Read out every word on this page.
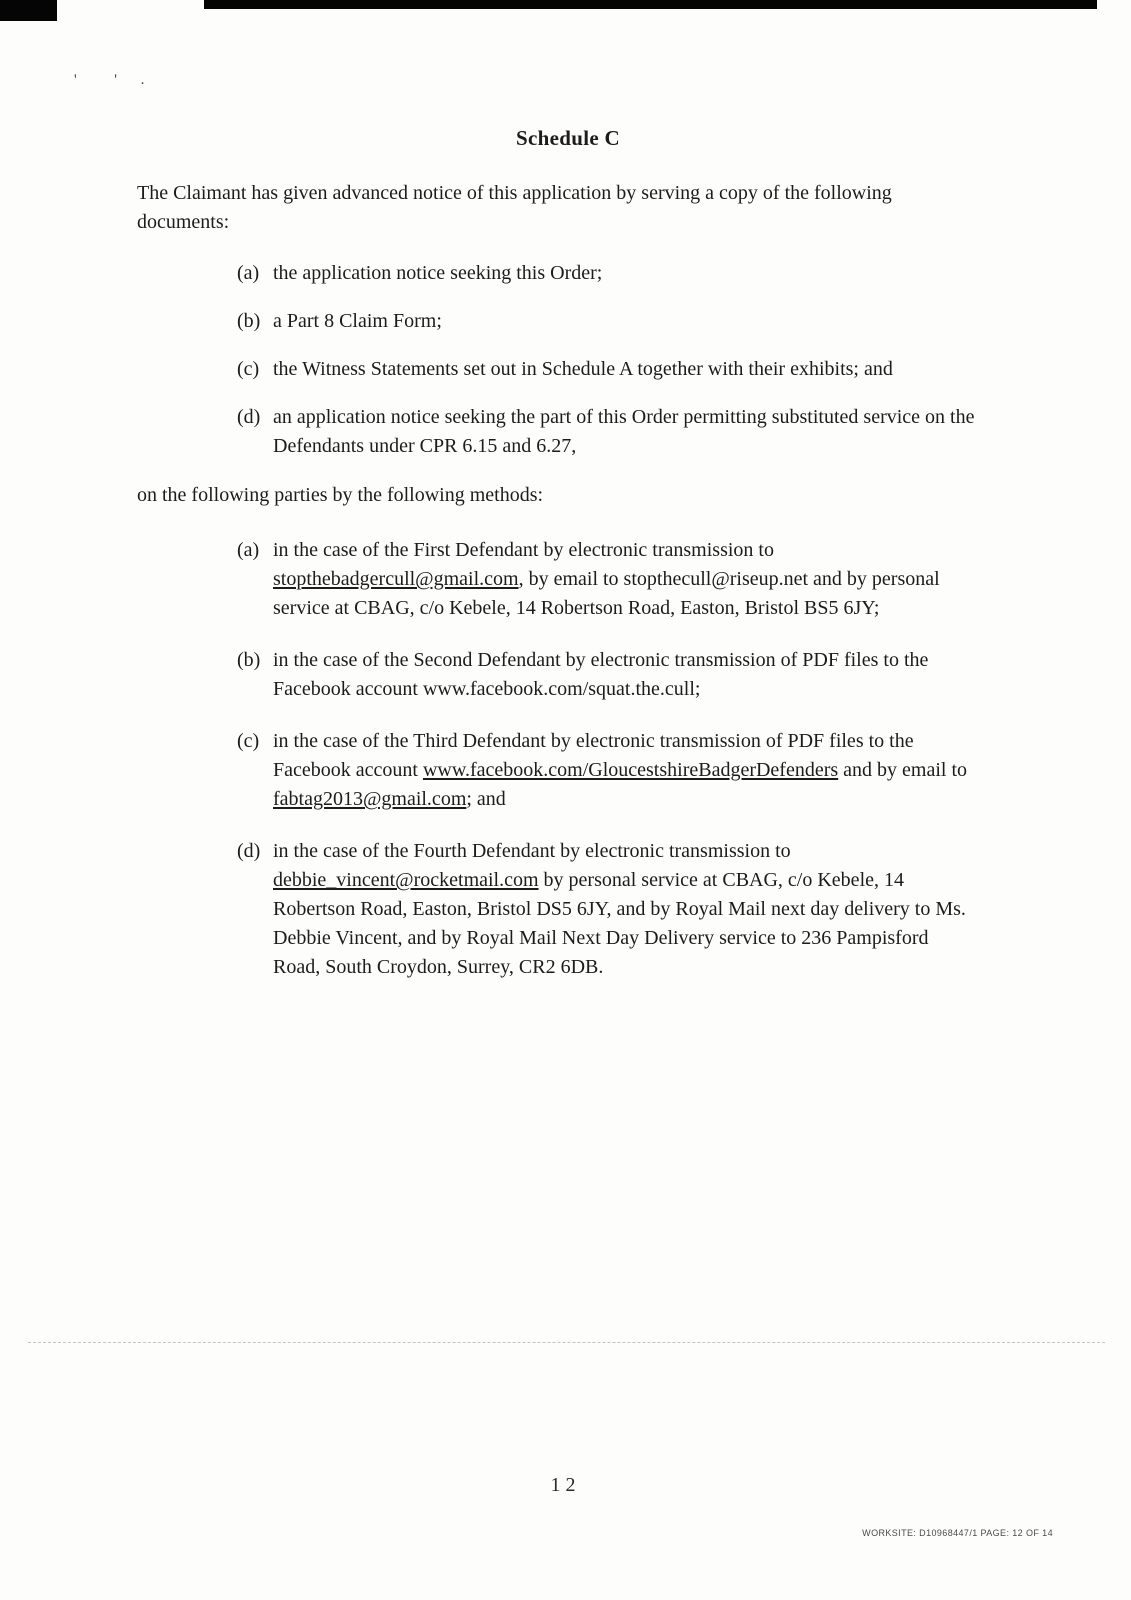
'  ' .
Schedule C

The Claimant has given advanced notice of this application by serving a copy of the following documents:

(a) the application notice seeking this Order;
(b) a Part 8 Claim Form;
(c) the Witness Statements set out in Schedule A together with their exhibits; and
(d) an application notice seeking the part of this Order permitting substituted service on the Defendants under CPR 6.15 and 6.27,

on the following parties by the following methods:

(a) in the case of the First Defendant by electronic transmission to stopthebadgercull@gmail.com, by email to stopthecull@riseup.net and by personal service at CBAG, c/o Kebele, 14 Robertson Road, Easton, Bristol BS5 6JY;
(b) in the case of the Second Defendant by electronic transmission of PDF files to the Facebook account www.facebook.com/squat.the.cull;
(c) in the case of the Third Defendant by electronic transmission of PDF files to the Facebook account www.facebook.com/GloucestshireBadgerDefenders and by email to fabtag2013@gmail.com; and
(d) in the case of the Fourth Defendant by electronic transmission to debbie_vincent@rocketmail.com by personal service at CBAG, c/o Kebele, 14 Robertson Road, Easton, Bristol DS5 6JY, and by Royal Mail next day delivery to Ms. Debbie Vincent, and by Royal Mail Next Day Delivery service to 236 Pampisford Road, South Croydon, Surrey, CR2 6DB.
12
WORKSITE: D10968447/1 PAGE: 12 OF 14
